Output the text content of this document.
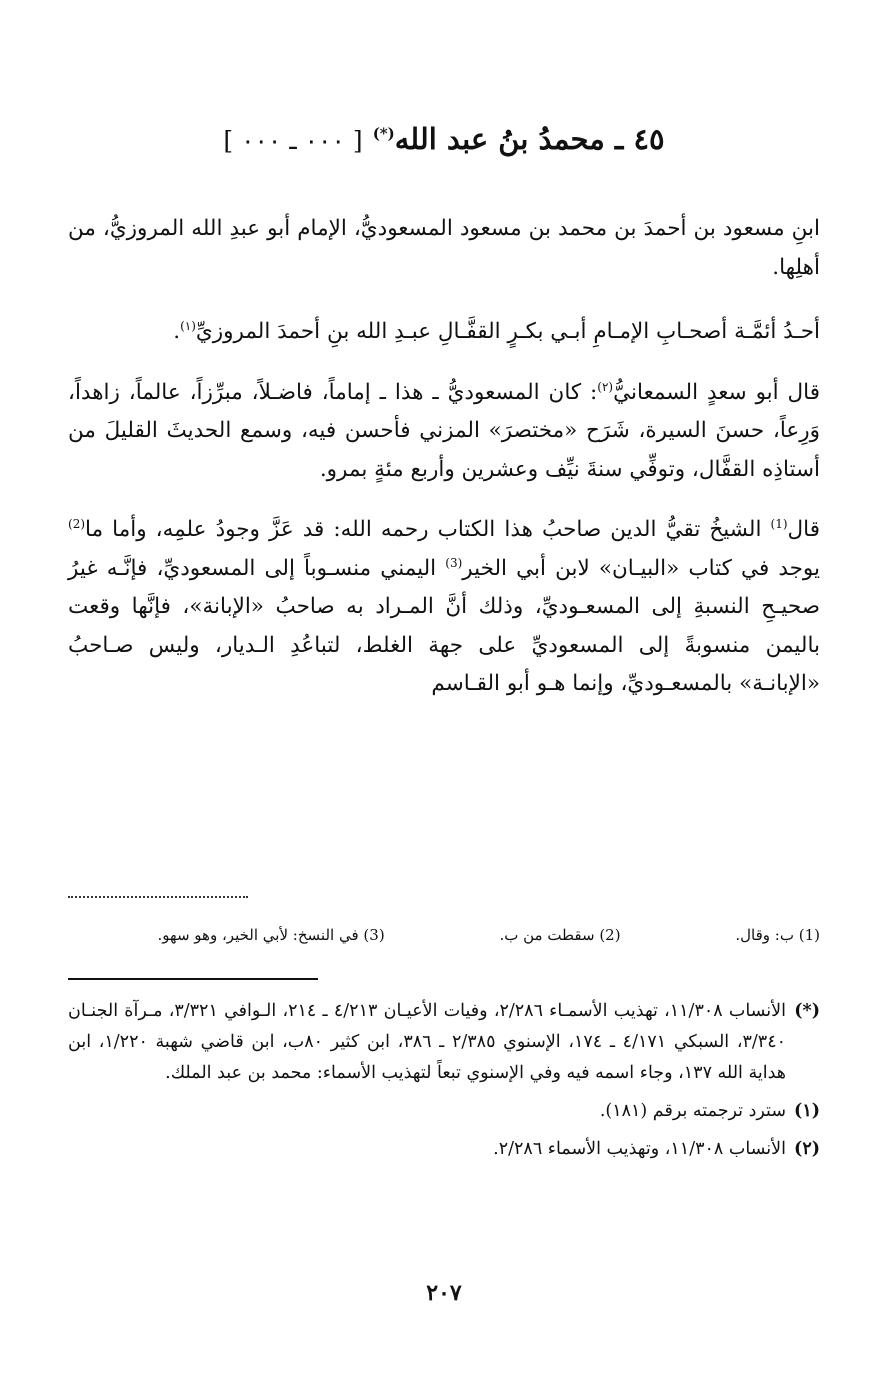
٤٥ ـ محمدُ بنُ عبد الله(*) [ ٠٠٠ ـ ٠٠٠ ]

ابنِ مسعود بن أحمدَ بن محمد بن مسعود المسعوديُّ، الإمام أبو عبدِ الله المروزيُّ، من أهلِها.

أحـدُ أئمَّـة أصحـابِ الإمـامِ أبـي بكـرٍ القفَّـالِ عبـدِ الله بنِ أحمدَ المروزيِّ$^{(١)}$.

قال أبو سعدٍ السمعانيُّ$^{(٢)}$: كان المسعوديُّ ـ هذا ـ إماماً، فاضـلاً، مبرِّزاً، عالماً، زاهداً، وَرِعاً، حسنَ السيرة، شَرَح «مختصرَ» المزني فأحسن فيه، وسمع الحديثَ القليلَ من أستاذِه القفَّال، وتوفِّي سنةَ نيِّف وعشرين وأربع مئةٍ بمرو.

قال$^{(1)}$ الشيخُ تقيُّ الدين صاحبُ هذا الكتاب رحمه الله: قد عَزَّ وجودُ علمِه، وأما ما$^{(2)}$ يوجد في كتاب «البيـان» لابن أبي الخير$^{(3)}$ اليمني منسـوباً إلى المسعوديِّ، فإنَّـه غيرُ صحيـحِ النسبةِ إلى المسعـوديِّ، وذلك أنَّ المـراد به صاحبُ «الإبانة»، فإنَّها وقعت باليمن منسوبةً إلى المسعوديِّ على جهة الغلط، لتباعُدِ الـديار، وليس صـاحبُ «الإبانـة» بالمسعـوديِّ، وإنما هـو أبو القـاسم

(1) ب: وقال. (2) سقطت من ب. (3) في النسخ: لأبي الخير، وهو سهو.
(*)
الأنساب ١١/٣٠٨، تهذيب الأسمـاء ٢/٢٨٦، وفيات الأعيـان ٤/٢١٣ ـ ٢١٤، الـوافي ٣/٣٢١، مـرآة الجنـان ٣/٣٤٠، السبكي ٤/١٧١ ـ ١٧٤، الإسنوي ٢/٣٨٥ ـ ٣٨٦، ابن كثير ٨٠ب، ابن قاضي شهبة ١/٢٢٠، ابن هداية الله ١٣٧، وجاء اسمه فيه وفي الإسنوي تبعاً لتهذيب الأسماء: محمد بن عبد الملك.
(١)
سترد ترجمته برقم (١٨١).
(٢)
الأنساب ١١/٣٠٨، وتهذيب الأسماء ٢/٢٨٦.
٢٠٧
